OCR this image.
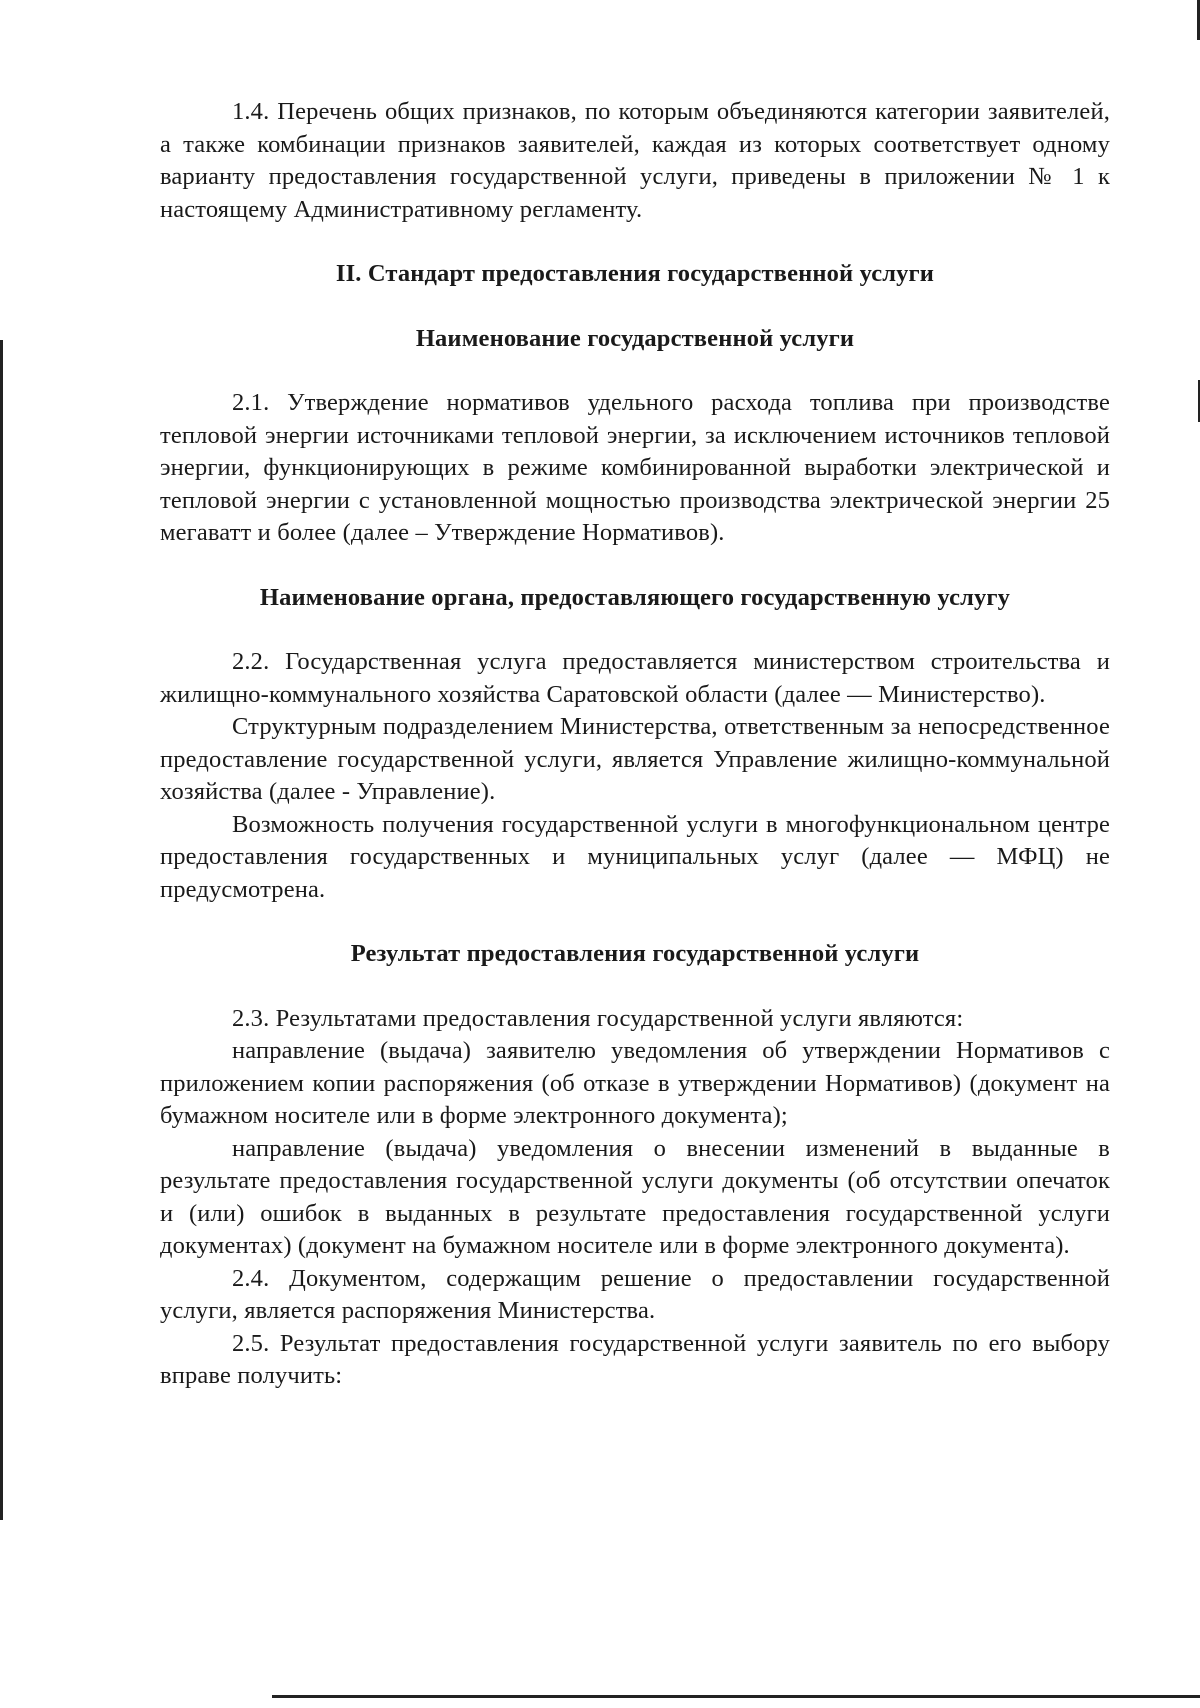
1.4. Перечень общих признаков, по которым объединяются категории заявителей, а также комбинации признаков заявителей, каждая из которых соответствует одному варианту предоставления государственной услуги, приведены в приложении № 1 к настоящему Административному регламенту.

II. Стандарт предоставления государственной услуги
Наименование государственной услуги

2.1. Утверждение нормативов удельного расхода топлива при производстве тепловой энергии источниками тепловой энергии, за исключением источников тепловой энергии, функционирующих в режиме комбинированной выработки электрической и тепловой энергии с установленной мощностью производства электрической энергии 25 мегаватт и более (далее – Утверждение Нормативов).

Наименование органа, предоставляющего государственную услугу

2.2. Государственная услуга предоставляется министерством строительства и жилищно-коммунального хозяйства Саратовской области (далее — Министерство).

Структурным подразделением Министерства, ответственным за непосредственное предоставление государственной услуги, является Управление жилищно-коммунальной хозяйства (далее - Управление).

Возможность получения государственной услуги в многофункциональном центре предоставления государственных и муниципальных услуг (далее — МФЦ) не предусмотрена.

Результат предоставления государственной услуги

2.3. Результатами предоставления государственной услуги являются:

направление (выдача) заявителю уведомления об утверждении Нормативов с приложением копии распоряжения (об отказе в утверждении Нормативов) (документ на бумажном носителе или в форме электронного документа);

направление (выдача) уведомления о внесении изменений в выданные в результате предоставления государственной услуги документы (об отсутствии опечаток и (или) ошибок в выданных в результате предоставления государственной услуги документах) (документ на бумажном носителе или в форме электронного документа).

2.4. Документом, содержащим решение о предоставлении государственной услуги, является распоряжения Министерства.

2.5. Результат предоставления государственной услуги заявитель по его выбору вправе получить:
